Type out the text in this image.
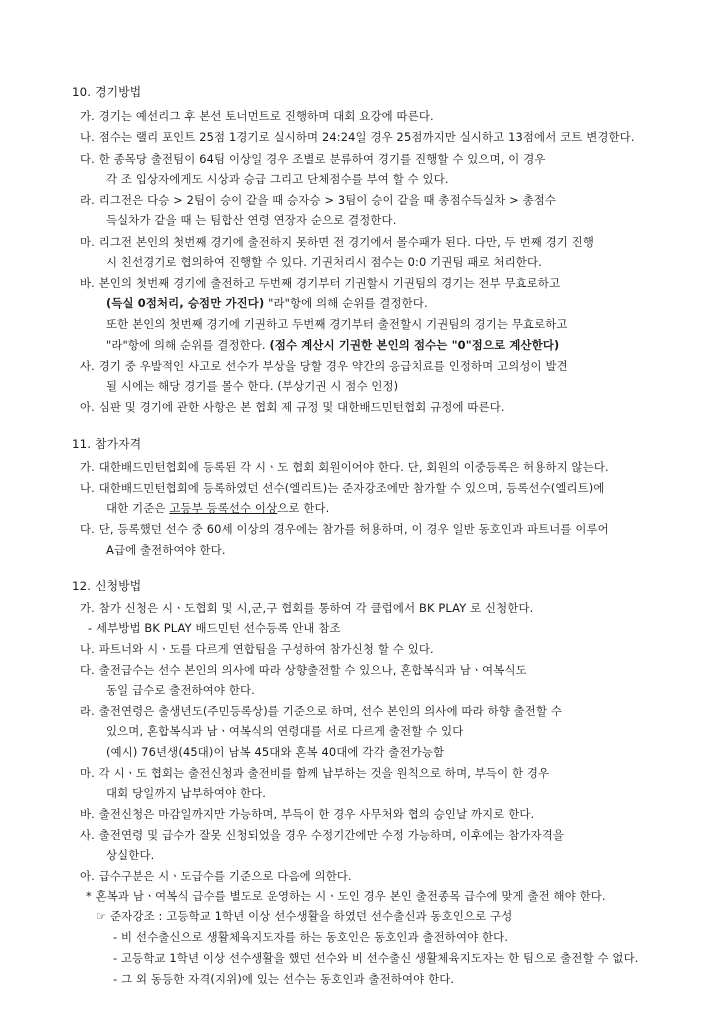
10. 경기방법
가. 경기는 예선리그 후 본선 토너먼트로 진행하며 대회 요강에 따른다.
나. 점수는 랠리 포인트 25점 1경기로 실시하며 24:24일 경우 25점까지만 실시하고 13점에서 코트 변경한다.
다. 한 종목당 출전팀이 64팀 이상일 경우 조별로 분류하여 경기를 진행할 수 있으며, 이 경우
각 조 입상자에게도 시상과 승급 그리고 단체점수를 부여 할 수 있다.
라. 리그전은 다승 > 2팀이 승이 같을 때 승자승 > 3팀이 승이 같을 때 총점수득실차 > 총점수
득실차가 같을 때 는 팀합산 연령 연장자 순으로 결정한다.
마. 리그전 본인의 첫번째 경기에 출전하지 못하면 전 경기에서 몰수패가 된다. 다만, 두 번째 경기 진행
시 친선경기로 협의하여 진행할 수 있다. 기권처리시 점수는 0:0 기권팀 패로 처리한다.
바. 본인의 첫번째 경기에 출전하고 두번째 경기부터 기권할시 기권팀의 경기는 전부 무효로하고
(득실 0점처리, 승점만 가진다) "라"항에 의해 순위를 결정한다.
또한 본인의 첫번째 경기에 기권하고 두번째 경기부터 출전할시 기권팀의 경기는 무효로하고
"라"항에 의해 순위를 결정한다. (점수 계산시 기권한 본인의 점수는 "0"점으로 계산한다)
사. 경기 중 우발적인 사고로 선수가 부상을 당할 경우 약간의 응급치료를 인정하며 고의성이 발견
될 시에는 해당 경기를 몰수 한다. (부상기권 시 점수 인정)
아. 심판 및 경기에 관한 사항은 본 협회 제 규정 및 대한배드민턴협회 규정에 따른다.
11. 참가자격
가. 대한배드민턴협회에 등록된 각 시ㆍ도 협회 회원이어야 한다. 단, 회원의 이중등록은 허용하지 않는다.
나. 대한배드민턴협회에 등록하였던 선수(엘리트)는 준자강조에만 참가할 수 있으며, 등록선수(엘리트)에
대한 기준은 고등부 등록선수 이상으로 한다.
다. 단, 등록했던 선수 중 60세 이상의 경우에는 참가를 허용하며, 이 경우 일반 동호인과 파트너를 이루어
A급에 출전하여야 한다.
12. 신청방법
가. 참가 신청은 시ㆍ도협회 및 시,군,구 협회를 통하여 각 클럽에서 BK PLAY 로 신청한다.
- 세부방법 BK PLAY 배드민턴 선수등록 안내 참조
나. 파트너와 시ㆍ도를 다르게 연합팀을 구성하여 참가신청 할 수 있다.
다. 출전급수는 선수 본인의 의사에 따라 상향출전할 수 있으나, 혼합복식과 남ㆍ여복식도
동일 급수로 출전하여야 한다.
라. 출전연령은 출생년도(주민등록상)를 기준으로 하며, 선수 본인의 의사에 따라 하향 출전할 수
있으며, 혼합복식과 남ㆍ여복식의 연령대를 서로 다르게 출전할 수 있다
(예시) 76년생(45대)이 남복 45대와 혼복 40대에 각각 출전가능함
마. 각 시ㆍ도 협회는 출전신청과 출전비를 함께 납부하는 것을 원칙으로 하며, 부득이 한 경우
대회 당일까지 납부하여야 한다.
바. 출전신청은 마감일까지만 가능하며, 부득이 한 경우 사무처와 협의 승인날 까지로 한다.
사. 출전연령 및 급수가 잘못 신청되었을 경우 수정기간에만 수정 가능하며, 이후에는 참가자격을
상실한다.
아. 급수구분은 시ㆍ도급수를 기준으로 다음에 의한다.
* 혼복과 남ㆍ여복식 급수를 별도로 운영하는 시ㆍ도인 경우 본인 출전종목 급수에 맞게 출전 해야 한다.
☞ 준자강조 : 고등학교 1학년 이상 선수생활을 하였던 선수출신과 동호인으로 구성
- 비 선수출신으로 생활체육지도자를 하는 동호인은 동호인과 출전하여야 한다.
- 고등학교 1학년 이상 선수생활을 했던 선수와 비 선수출신 생활체육지도자는 한 팀으로 출전할 수 없다.
- 그 외 동등한 자격(지위)에 있는 선수는 동호인과 출전하여야 한다.
